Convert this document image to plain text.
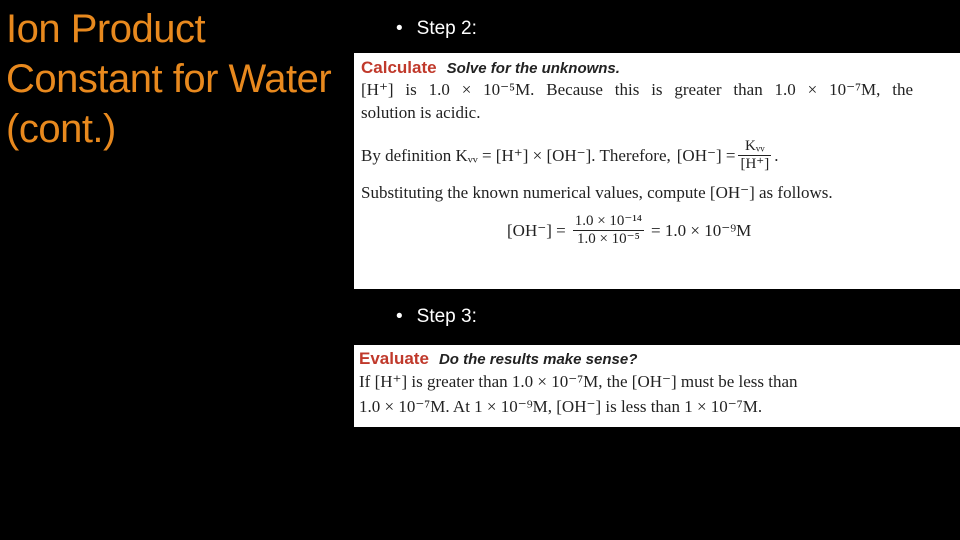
Ion Product
Constant for Water
(cont.)
• Step 2:
Calculate Solve for the unknowns.
[H⁺] is 1.0 × 10⁻⁵M. Because this is greater than 1.0 × 10⁻⁷M, the
solution is acidic.
By definition Kᵥᵥ = [H⁺] × [OH⁻]. Therefore, $[OH^-] = \frac{\text{Kᵥᵥ}}{[H^+]}$ .
Substituting the known numerical values, compute [OH⁻] as follows.
$[OH^-] = \frac{\text{1.0 × 10⁻¹⁴}}{\text{1.0 × 10⁻⁵}} = 1.0 \times 10^{-9}M$
• Step 3:
Evaluate Do the results make sense?
If [H⁺] is greater than 1.0 × 10⁻⁷M, the [OH⁻] must be less than
1.0 × 10⁻⁷M. At 1 × 10⁻⁹M, [OH⁻] is less than 1 × 10⁻⁷M.
